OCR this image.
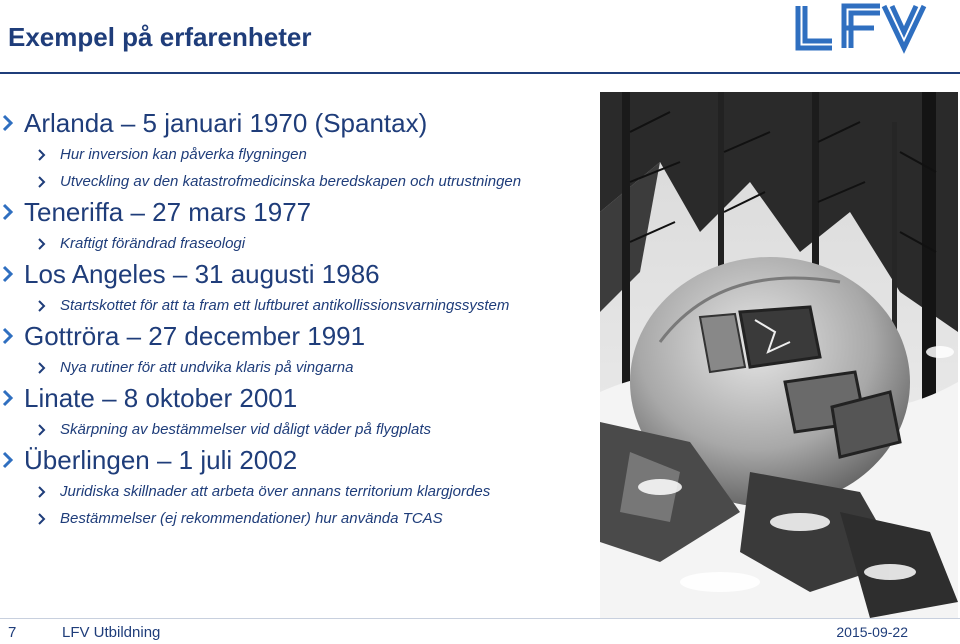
Exempel på erfarenheter
Arlanda – 5 januari 1970 (Spantax)
Hur inversion kan påverka flygningen
Utveckling av den katastrofmedicinska beredskapen och utrustningen
Teneriffa – 27 mars 1977
Kraftigt förändrad fraseologi
Los Angeles – 31 augusti 1986
Startskottet för att ta fram ett luftburet antikollissionsvarningssystem
Gottröra – 27 december 1991
Nya rutiner för att undvika klaris på vingarna
Linate – 8 oktober 2001
Skärpning av bestämmelser vid dåligt väder på flygplats
Überlingen – 1 juli 2002
Juridiska skillnader att arbeta över annans territorium klargjordes
Bestämmelser (ej rekommendationer) hur använda TCAS
7	LFV Utbildning	2015-09-22
